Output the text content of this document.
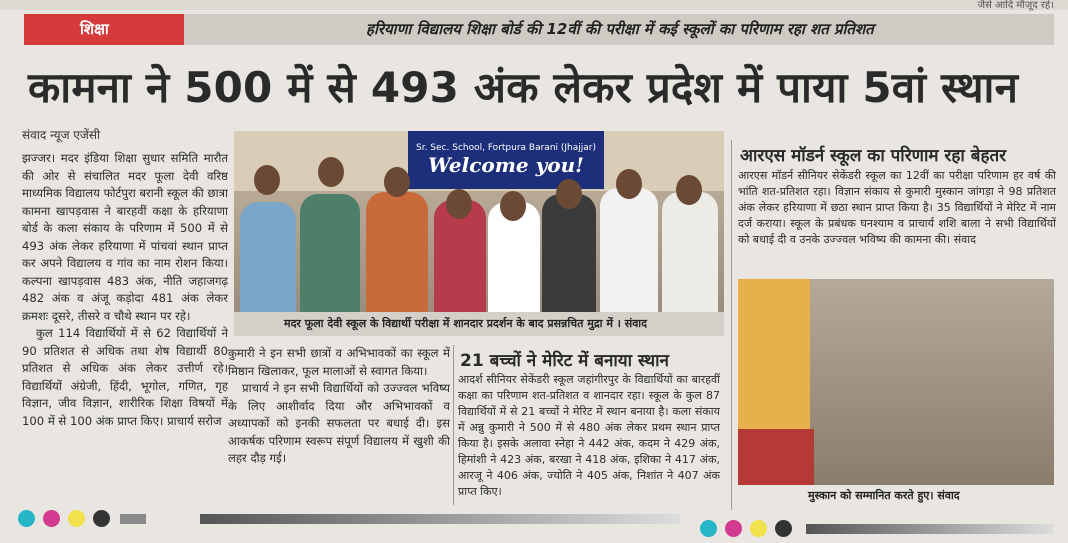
जैसे आदि मौजूद रहे।
शिक्षा	हरियाणा विद्यालय शिक्षा बोर्ड की 12वीं की परीक्षा में कई स्कूलों का परिणाम रहा शत प्रतिशत
कामना ने 500 में से 493 अंक लेकर प्रदेश में पाया 5वां स्थान
संवाद न्यूज एजेंसी

झज्जर। मदर इंडिया शिक्षा सुधार समिति मारौत की ओर से संचालित मदर फूला देवी वरिष्ठ माध्यमिक विद्यालय फोर्टपुरा बरानी स्कूल की छात्रा कामना खापड़वास ने बारहवीं कक्षा के हरियाणा बोर्ड के कला संकाय के परिणाम में 500 में से 493 अंक लेकर हरियाणा में पांचवां स्थान प्राप्त कर अपने विद्यालय व गांव का नाम रोशन किया। कल्पना खापड़वास 483 अंक, नीति जहाजगढ़ 482 अंक व अंजू कड़ोदा 481 अंक लेकर क्रमशः दूसरे, तीसरे व चौथे स्थान पर रहे।

कुल 114 विद्यार्थियों में से 62 विद्यार्थियों ने 90 प्रतिशत से अधिक तथा शेष विद्यार्थी 80 प्रतिशत से अधिक अंक लेकर उत्तीर्ण रहे। विद्यार्थियों अंग्रेजी, हिंदी, भूगोल, गणित, गृह विज्ञान, जीव विज्ञान, शारीरिक शिक्षा विषयों में 100 में से 100 अंक प्राप्त किए। प्राचार्य सरोज

Sr. Sec. School, Fortpura Barani (Jhajjar)
Welcome you!
मदर फूला देवी स्कूल के विद्यार्थी परीक्षा में शानदार प्रदर्शन के बाद प्रसन्नचित मुद्रा में । संवाद

कुमारी ने इन सभी छात्रों व अभिभावकों का स्कूल में मिष्ठान खिलाकर, फूल मालाओं से स्वागत किया।

प्राचार्य ने इन सभी विद्यार्थियों को उज्ज्वल भविष्य के लिए आशीर्वाद दिया और अभिभावकों व अध्यापकों को इनकी सफलता पर बधाई दी। इस आकर्षक परिणाम स्वरूप संपूर्ण विद्यालय में खुशी की लहर दौड़ गई।

21 बच्चों ने मेरिट में बनाया स्थान
आदर्श सीनियर सेकेंडरी स्कूल जहांगीरपुर के विद्यार्थियों का बारहवीं कक्षा का परिणाम शत-प्रतिशत व शानदार रहा। स्कूल के कुल 87 विद्यार्थियों में से 21 बच्चों ने मेरिट में स्थान बनाया है। कला संकाय में अन्नु कुमारी ने 500 में से 480 अंक लेकर प्रथम स्थान प्राप्त किया है। इसके अलावा स्नेहा ने 442 अंक, कदम ने 429 अंक, हिमांशी ने 423 अंक, बरखा ने 418 अंक, इशिका ने 417 अंक, आरजू ने 406 अंक, ज्योति ने 405 अंक, निशांत ने 407 अंक प्राप्त किए।
आरएस मॉडर्न स्कूल का परिणाम रहा बेहतर
आरएस मॉडर्न सीनियर सेकेंडरी स्कूल का 12वीं का परीक्षा परिणाम हर वर्ष की भांति शत-प्रतिशत रहा। विज्ञान संकाय से कुमारी मुस्कान जांगड़ा ने 98 प्रतिशत अंक लेकर हरियाणा में छठा स्थान प्राप्त किया है। 35 विद्यार्थियों ने मेरिट में नाम दर्ज कराया। स्कूल के प्रबंधक घनश्याम व प्राचार्य शशि बाला ने सभी विद्यार्थियों को बधाई दी व उनके उज्ज्वल भविष्य की कामना की। संवाद
मुस्कान को सम्मानित करते हुए। संवाद
